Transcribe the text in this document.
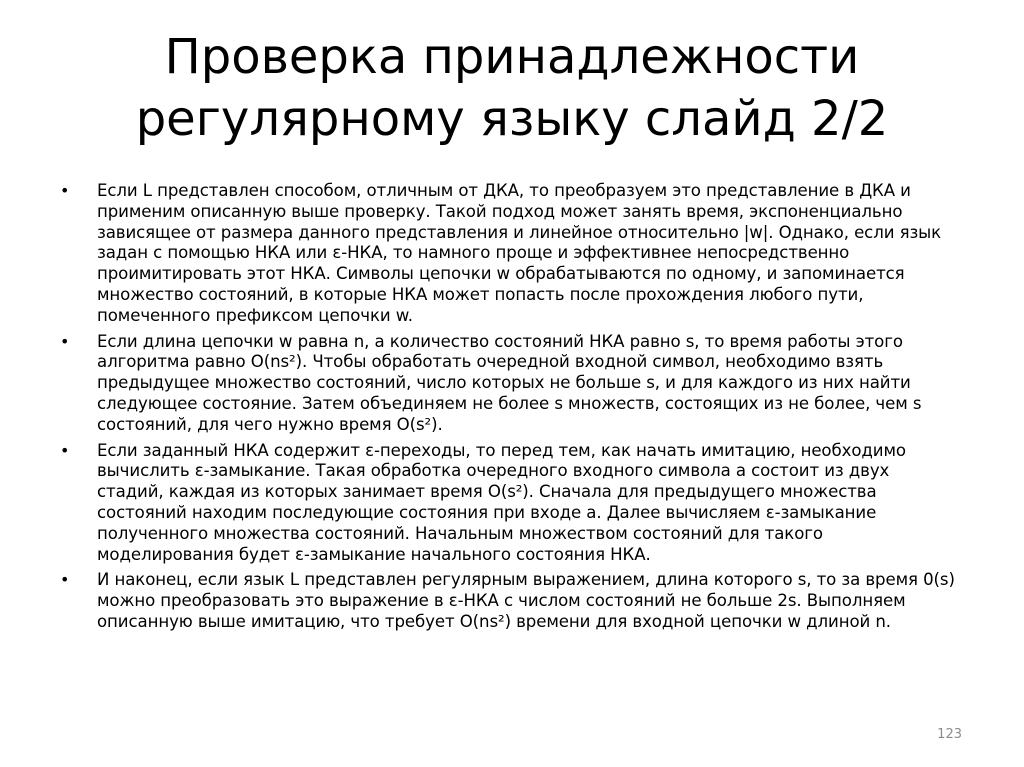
Проверка принадлежности
регулярному языку слайд 2/2
• Если L представлен способом, отличным от ДКА, то преобразуем это представление в ДКА и применим описанную выше проверку. Такой подход может занять время, экспоненциально зависящее от размера данного представления и линейное относительно |w|. Однако, если язык задан с помощью НКА или ε-НКА, то намного проще и эффективнее непосредственно проимитировать этот НКА. Символы цепочки w обрабатываются по одному, и запоминается множество состояний, в которые НКА может попасть после прохождения любого пути, помеченного префиксом цепочки w.
• Если длина цепочки w равна n, а количество состояний НКА равно s, то время работы этого алгоритма равно O(ns²). Чтобы обработать очередной входной символ, необходимо взять предыдущее множество состояний, число которых не больше s, и для каждого из них найти следующее состояние. Затем объединяем не более s множеств, состоящих из не более, чем s состояний, для чего нужно время O(s²).
• Если заданный НКА содержит ε-переходы, то перед тем, как начать имитацию, необходимо вычислить ε-замыкание. Такая обработка очередного входного символа a состоит из двух стадий, каждая из которых занимает время O(s²). Сначала для предыдущего множества состояний находим последующие состояния при входе a. Далее вычисляем ε-замыкание полученного множества состояний. Начальным множеством состояний для такого моделирования будет ε-замыкание начального состояния НКА.
• И наконец, если язык L представлен регулярным выражением, длина которого s, то за время 0(s) можно преобразовать это выражение в ε-НКА с числом состояний не больше 2s. Выполняем описанную выше имитацию, что требует O(ns²) времени для входной цепочки w длиной n.
123
